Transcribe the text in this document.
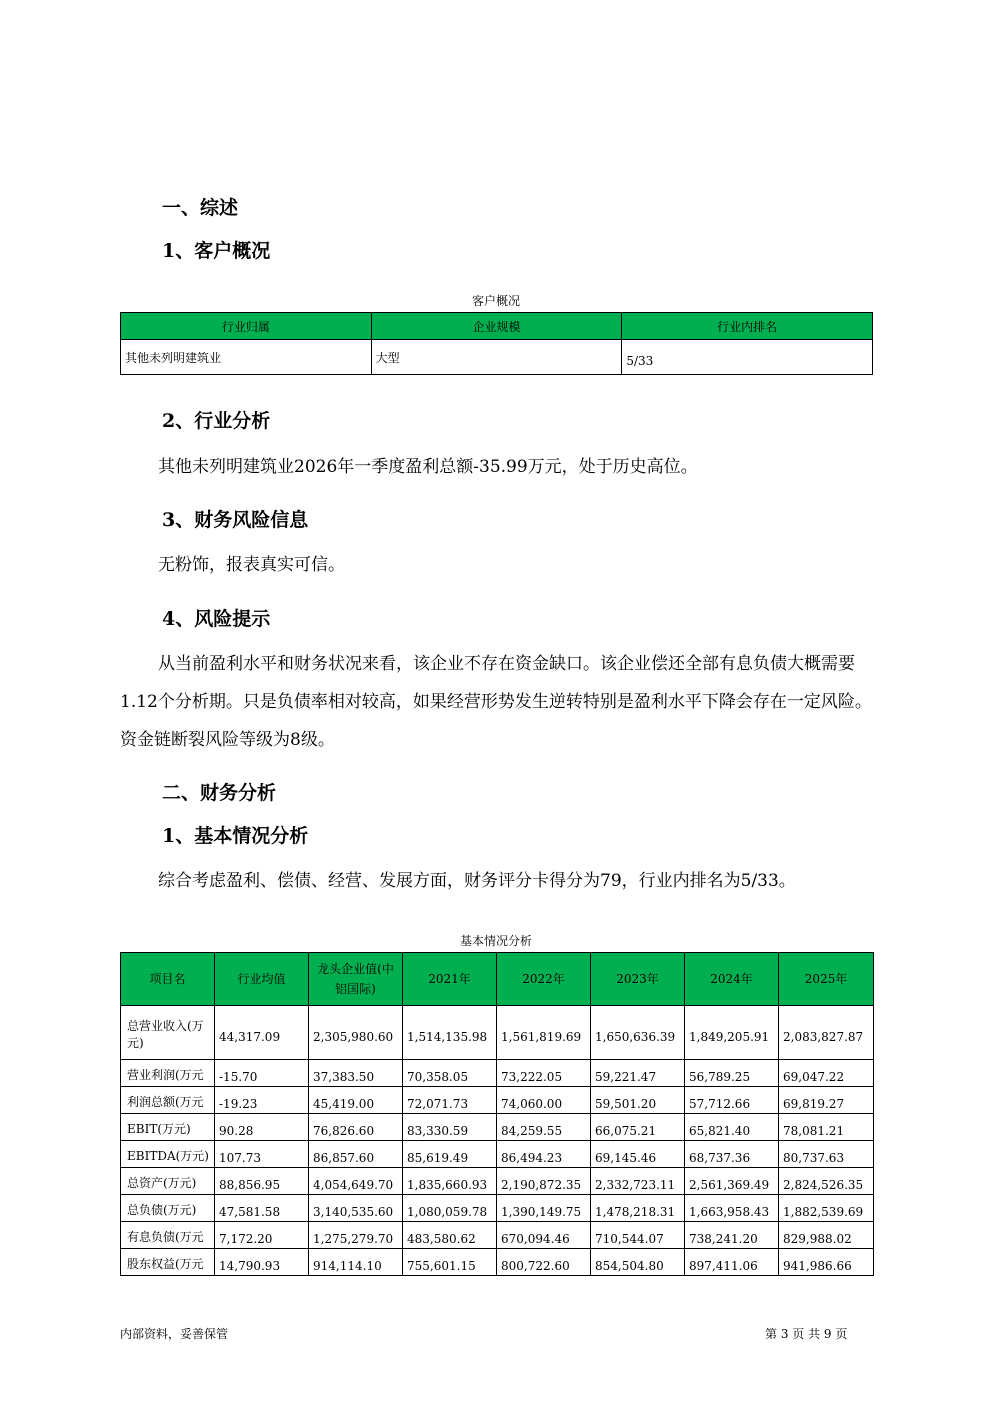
一、综述
1、客户概况
客户概况
行业归属	企业规模	行业内排名
其他未列明建筑业	大型	5/33
2、行业分析
其他未列明建筑业2026年一季度盈利总额-35.99万元，处于历史高位。
3、财务风险信息
无粉饰，报表真实可信。
4、风险提示
从当前盈利水平和财务状况来看，该企业不存在资金缺口。该企业偿还全部有息负债大概需要 1.12个分析期。只是负债率相对较高，如果经营形势发生逆转特别是盈利水平下降会存在一定风险。资金链断裂风险等级为8级。
二、财务分析
1、基本情况分析
综合考虑盈利、偿债、经营、发展方面，财务评分卡得分为79，行业内排名为5/33。
基本情况分析
项目名	行业均值	龙头企业值(中铝国际)	2021年	2022年	2023年	2024年	2025年
总营业收入(万元)	44,317.09	2,305,980.60	1,514,135.98	1,561,819.69	1,650,636.39	1,849,205.91	2,083,827.87
营业利润(万元	-15.70	37,383.50	70,358.05	73,222.05	59,221.47	56,789.25	69,047.22
利润总额(万元	-19.23	45,419.00	72,071.73	74,060.00	59,501.20	57,712.66	69,819.27
EBIT(万元)	90.28	76,826.60	83,330.59	84,259.55	66,075.21	65,821.40	78,081.21
EBITDA(万元)	107.73	86,857.60	85,619.49	86,494.23	69,145.46	68,737.36	80,737.63
总资产(万元)	88,856.95	4,054,649.70	1,835,660.93	2,190,872.35	2,332,723.11	2,561,369.49	2,824,526.35
总负债(万元)	47,581.58	3,140,535.60	1,080,059.78	1,390,149.75	1,478,218.31	1,663,958.43	1,882,539.69
有息负债(万元	7,172.20	1,275,279.70	483,580.62	670,094.46	710,544.07	738,241.20	829,988.02
股东权益(万元	14,790.93	914,114.10	755,601.15	800,722.60	854,504.80	897,411.06	941,986.66
内部资料，妥善保管	第 3 页 共 9 页
